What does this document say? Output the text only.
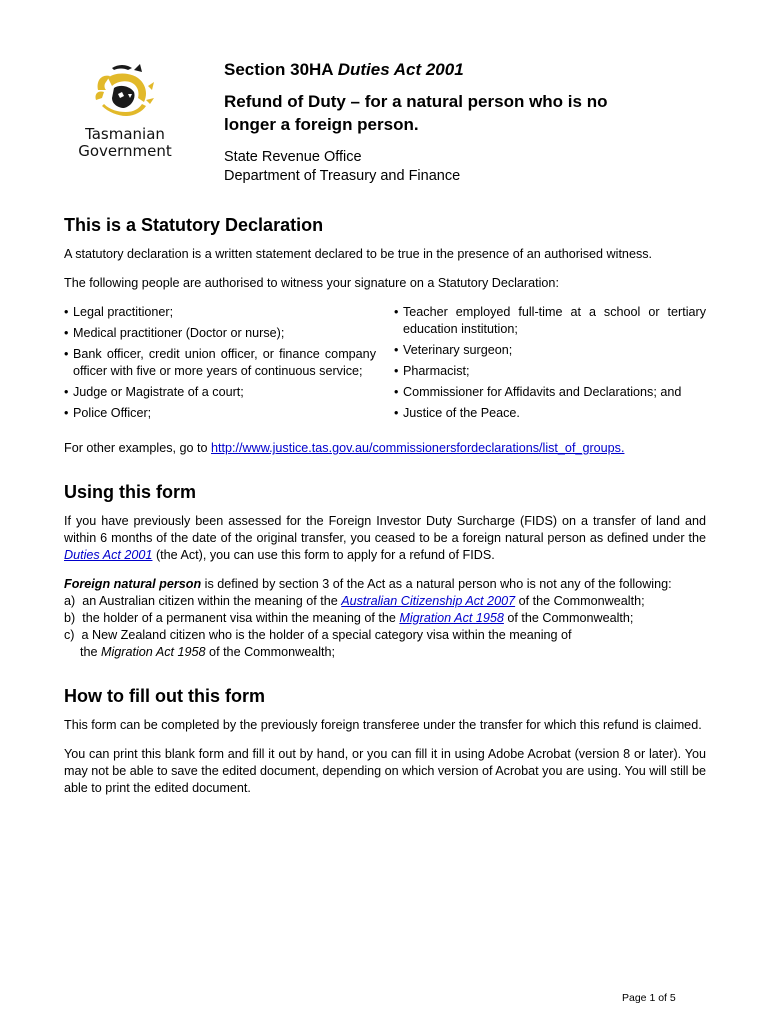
Tasmanian
Government
Section 30HA Duties Act 2001
Refund of Duty – for a natural person who is no
longer a foreign person.
State Revenue Office
Department of Treasury and Finance
This is a Statutory Declaration

A statutory declaration is a written statement declared to be true in the presence of an authorised witness.

The following people are authorised to witness your signature on a Statutory Declaration:

• Legal practitioner;
• Medical practitioner (Doctor or nurse);
• Bank officer, credit union officer, or finance company officer with five or more years of continuous service;
• Judge or Magistrate of a court;
• Police Officer;
• Teacher employed full-time at a school or tertiary education institution;
• Veterinary surgeon;
• Pharmacist;
• Commissioner for Affidavits and Declarations; and
• Justice of the Peace.

For other examples, go to http://www.justice.tas.gov.au/commissionersfordeclarations/list_of_groups.

Using this form

If you have previously been assessed for the Foreign Investor Duty Surcharge (FIDS) on a transfer of land and within 6 months of the date of the original transfer, you ceased to be a foreign natural person as defined under the Duties Act 2001 (the Act), you can use this form to apply for a refund of FIDS.

Foreign natural person is defined by section 3 of the Act as a natural person who is not any of the following:
a)  an Australian citizen within the meaning of the Australian Citizenship Act 2007 of the Commonwealth;
b)  the holder of a permanent visa within the meaning of the Migration Act 1958 of the Commonwealth;
c)  a New Zealand citizen who is the holder of a special category visa within the meaning of
the Migration Act 1958 of the Commonwealth;
How to fill out this form

This form can be completed by the previously foreign transferee under the transfer for which this refund is claimed.

You can print this blank form and fill it out by hand, or you can fill it in using Adobe Acrobat (version 8 or later). You may not be able to save the edited document, depending on which version of Acrobat you are using. You will still be able to print the edited document.

Page 1 of 5
